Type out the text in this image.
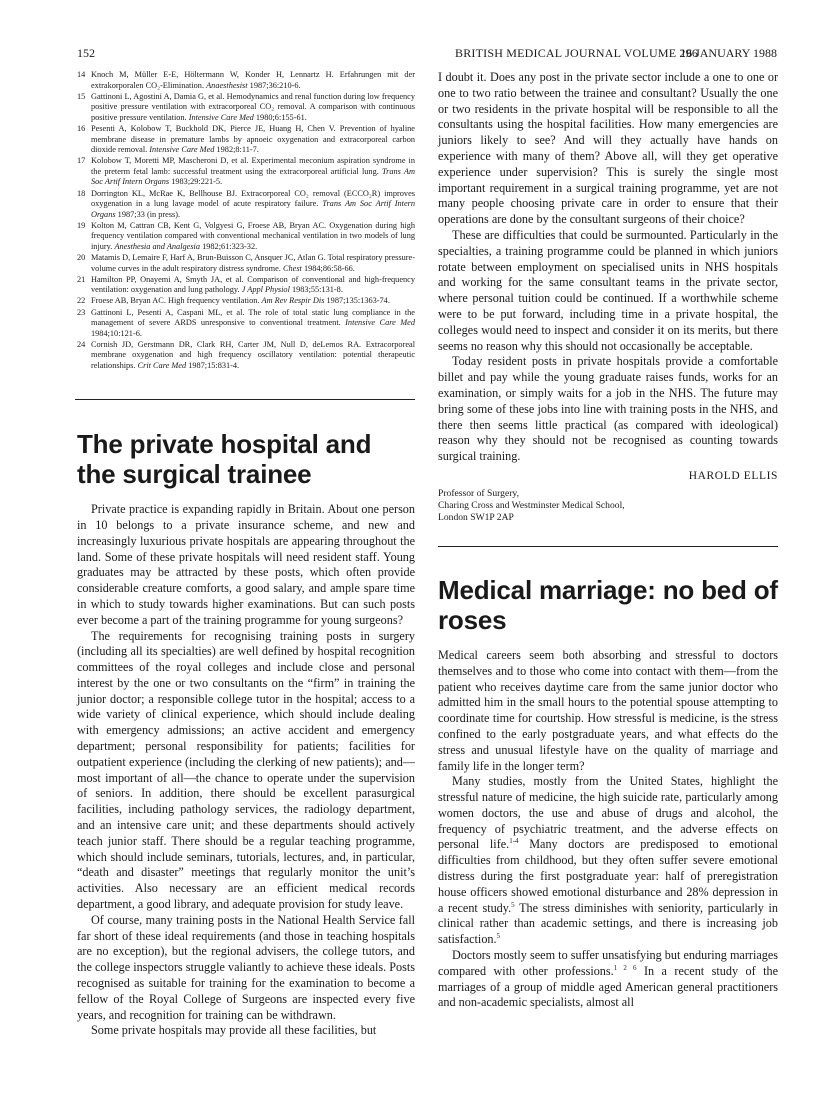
152	BRITISH MEDICAL JOURNAL VOLUME 296
16 JANUARY 1988
14 Knoch M, Müller E-E, Höltermann W, Konder H, Lennartz H. Erfahrungen mit der extrakorporalen CO₂-Elimination. Anaesthesist 1987;36:210-6.
15 Gattinoni L, Agostini A, Damia G, et al. Hemodynamics and renal function during low frequency positive pressure ventilation with extracorporeal CO₂ removal. A comparison with continuous positive pressure ventilation. Intensive Care Med 1980;6:155-61.
16 Pesenti A, Kolobow T, Buckhold DK, Pierce JE, Huang H, Chen V. Prevention of hyaline membrane disease in premature lambs by apnoeic oxygenation and extracorporeal carbon dioxide removal. Intensive Care Med 1982;8:11-7.
17 Kolobow T, Moretti MP, Mascheroni D, et al. Experimental meconium aspiration syndrome in the preterm fetal lamb: successful treatment using the extracorporeal artificial lung. Trans Am Soc Artif Intern Organs 1983;29:221-5.
18 Dorrington KL, McRae K, Bellhouse BJ. Extracorporeal CO₂ removal (ECCO₂R) improves oxygenation in a lung lavage model of acute respiratory failure. Trans Am Soc Artif Intern Organs 1987;33 (in press).
19 Kolton M, Cattran CB, Kent G, Volgyesi G, Froese AB, Bryan AC. Oxygenation during high frequency ventilation compared with conventional mechanical ventilation in two models of lung injury. Anesthesia and Analgesia 1982;61:323-32.
20 Matamis D, Lemaire F, Harf A, Brun-Buisson C, Ansquer JC, Atlan G. Total respiratory pressure-volume curves in the adult respiratory distress syndrome. Chest 1984;86:58-66.
21 Hamilton PP, Onayemi A, Smyth JA, et al. Comparison of conventional and high-frequency ventilation: oxygenation and lung pathology. J Appl Physiol 1983;55:131-8.
22 Froese AB, Bryan AC. High frequency ventilation. Am Rev Respir Dis 1987;135:1363-74.
23 Gattinoni L, Pesenti A, Caspani ML, et al. The role of total static lung compliance in the management of severe ARDS unresponsive to conventional treatment. Intensive Care Med 1984;10:121-6.
24 Cornish JD, Gerstmann DR, Clark RH, Carter JM, Null D, deLemos RA. Extracorporeal membrane oxygenation and high frequency oscillatory ventilation: potential therapeutic relationships. Crit Care Med 1987;15:831-4.
The private hospital and the surgical trainee

Private practice is expanding rapidly in Britain. About one person in 10 belongs to a private insurance scheme, and new and increasingly luxurious private hospitals are appearing throughout the land. Some of these private hospitals will need resident staff. Young graduates may be attracted by these posts, which often provide considerable creature comforts, a good salary, and ample spare time in which to study towards higher examinations. But can such posts ever become a part of the training programme for young surgeons?

The requirements for recognising training posts in surgery (including all its specialties) are well defined by hospital recognition committees of the royal colleges and include close and personal interest by the one or two consultants on the “firm” in training the junior doctor; a responsible college tutor in the hospital; access to a wide variety of clinical experience, which should include dealing with emergency admissions; an active accident and emergency department; personal responsibility for patients; facilities for outpatient experience (including the clerking of new patients); and—most important of all—the chance to operate under the supervision of seniors. In addition, there should be excellent parasurgical facilities, including pathology services, the radiology department, and an intensive care unit; and these departments should actively teach junior staff. There should be a regular teaching programme, which should include seminars, tutorials, lectures, and, in particular, “death and disaster” meetings that regularly monitor the unit’s activities. Also necessary are an efficient medical records department, a good library, and adequate provision for study leave.

Of course, many training posts in the National Health Service fall far short of these ideal requirements (and those in teaching hospitals are no exception), but the regional advisers, the college tutors, and the college inspectors struggle valiantly to achieve these ideals. Posts recognised as suitable for training for the examination to become a fellow of the Royal College of Surgeons are inspected every five years, and recognition for training can be withdrawn.

Some private hospitals may provide all these facilities, but

I doubt it. Does any post in the private sector include a one to one or one to two ratio between the trainee and consultant? Usually the one or two residents in the private hospital will be responsible to all the consultants using the hospital facilities. How many emergencies are juniors likely to see? And will they actually have hands on experience with many of them? Above all, will they get operative experience under supervision? This is surely the single most important requirement in a surgical training programme, yet are not many people choosing private care in order to ensure that their operations are done by the consultant surgeons of their choice?

These are difficulties that could be surmounted. Particularly in the specialties, a training programme could be planned in which juniors rotate between employment on specialised units in NHS hospitals and working for the same consultant teams in the private sector, where personal tuition could be continued. If a worthwhile scheme were to be put forward, including time in a private hospital, the colleges would need to inspect and consider it on its merits, but there seems no reason why this should not occasionally be acceptable.

Today resident posts in private hospitals provide a comfortable billet and pay while the young graduate raises funds, works for an examination, or simply waits for a job in the NHS. The future may bring some of these jobs into line with training posts in the NHS, and there then seems little practical (as compared with ideological) reason why they should not be recognised as counting towards surgical training.

HAROLD ELLIS

Professor of Surgery,
Charing Cross and Westminster Medical School,
London SW1P 2AP

Medical marriage: no bed of roses

Medical careers seem both absorbing and stressful to doctors themselves and to those who come into contact with them—from the patient who receives daytime care from the same junior doctor who admitted him in the small hours to the potential spouse attempting to coordinate time for courtship. How stressful is medicine, is the stress confined to the early postgraduate years, and what effects do the stress and unusual lifestyle have on the quality of marriage and family life in the longer term?

Many studies, mostly from the United States, highlight the stressful nature of medicine, the high suicide rate, particularly among women doctors, the use and abuse of drugs and alcohol, the frequency of psychiatric treatment, and the adverse effects on personal life.$^{1-4}$ Many doctors are predisposed to emotional difficulties from childhood, but they often suffer severe emotional distress during the first postgraduate year: half of preregistration house officers showed emotional disturbance and 28% depression in a recent study.$^5$ The stress diminishes with seniority, particularly in clinical rather than academic settings, and there is increasing job satisfaction.$^5$

Doctors mostly seem to suffer unsatisfying but enduring marriages compared with other professions.$^{1 2 6}$ In a recent study of the marriages of a group of middle aged American general practitioners and non-academic specialists, almost all
